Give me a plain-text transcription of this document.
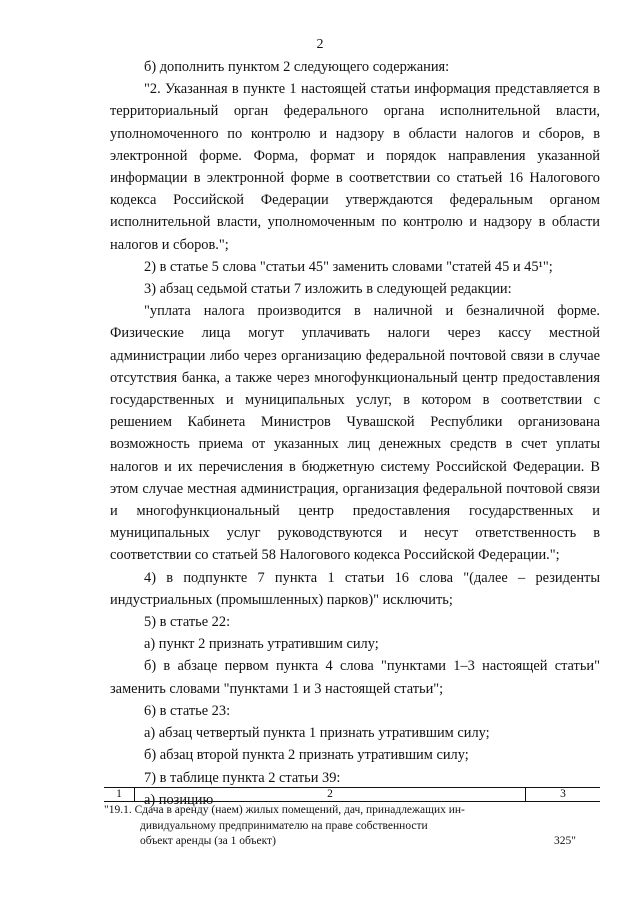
2

б) дополнить пунктом 2 следующего содержания:

"2. Указанная в пункте 1 настоящей статьи информация представляется в территориальный орган федерального органа исполнительной власти, уполномоченного по контролю и надзору в области налогов и сборов, в электронной форме. Форма, формат и порядок направления указанной информации в электронной форме в соответствии со статьей 16 Налогового кодекса Российской Федерации утверждаются федеральным органом исполнительной власти, уполномоченным по контролю и надзору в области налогов и сборов.";

2) в статье 5 слова "статьи 45" заменить словами "статей 45 и 45¹";

3) абзац седьмой статьи 7 изложить в следующей редакции:

"уплата налога производится в наличной и безналичной форме. Физические лица могут уплачивать налоги через кассу местной администрации либо через организацию федеральной почтовой связи в случае отсутствия банка, а также через многофункциональный центр предоставления государственных и муниципальных услуг, в котором в соответствии с решением Кабинета Министров Чувашской Республики организована возможность приема от указанных лиц денежных средств в счет уплаты налогов и их перечисления в бюджетную систему Российской Федерации. В этом случае местная администрация, организация федеральной почтовой связи и многофункциональный центр предоставления государственных и муниципальных услуг руководствуются и несут ответственность в соответствии со статьей 58 Налогового кодекса Российской Федерации.";

4) в подпункте 7 пункта 1 статьи 16 слова "(далее – резиденты индустриальных (промышленных) парков)" исключить;

5) в статье 22:

а) пункт 2 признать утратившим силу;

б) в абзаце первом пункта 4 слова "пунктами 1–3 настоящей статьи" заменить словами "пунктами 1 и 3 настоящей статьи";

6) в статье 23:

а) абзац четвертый пункта 1 признать утратившим силу;

б) абзац второй пункта 2 признать утратившим силу;

7) в таблице пункта 2 статьи 39:

а) позицию

1	2	3
"19.1. Сдача в аренду (наем) жилых помещений, дач, принадлежащих ин-
дивидуальному предпринимателю на праве собственности
объект аренды (за 1 объект)	325"
